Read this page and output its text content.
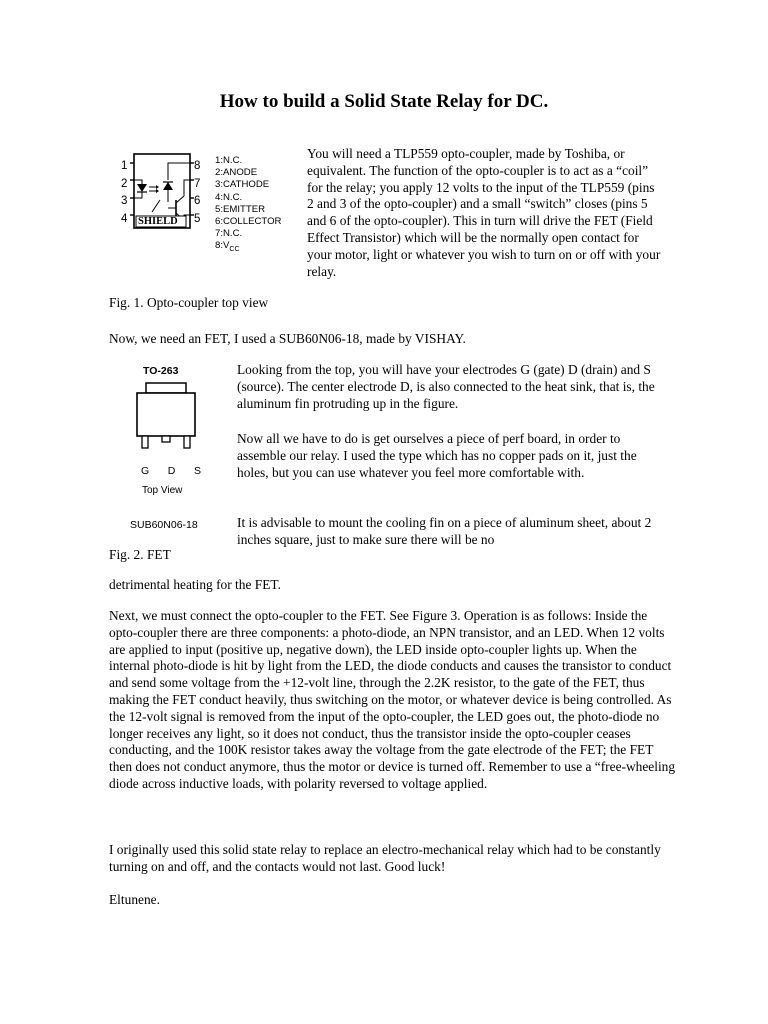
How to build a Solid State Relay for DC.
1
2
3
4
8
7
6
5
SHIELD
1:N.C.
2:ANODE
3:CATHODE
4:N.C.
5:EMITTER
6:COLLECTOR
7:N.C.
$8:V_{CC}$

You will need a TLP559 opto-coupler, made by Toshiba, or equivalent. The function of the opto-coupler is to act as a “coil” for the relay; you apply 12 volts to the input of the TLP559 (pins 2 and 3 of the opto-coupler) and a small “switch” closes (pins 5 and 6 of the opto-coupler). This in turn will drive the FET (Field Effect Transistor) which will be the normally open contact for your motor, light or whatever you wish to turn on or off with your relay.

Fig. 1. Opto-coupler top view
Now, we need an FET, I used a SUB60N06-18, made by VISHAY.
TO-263
G D S
Top View
SUB60N06-18

Looking from the top, you will have your electrodes G (gate) D (drain) and S (source). The center electrode D, is also connected to the heat sink, that is, the aluminum fin protruding up in the figure.

Now all we have to do is get ourselves a piece of perf board, in order to assemble our relay. I used the type which has no copper pads on it, just the holes, but you can use whatever you feel more comfortable with.

It is advisable to mount the cooling fin on a piece of aluminum sheet, about 2 inches square, just to make sure there will be no

Fig. 2. FET
detrimental heating for the FET.

Next, we must connect the opto-coupler to the FET. See Figure 3. Operation is as follows: Inside the opto-coupler there are three components: a photo-diode, an NPN transistor, and an LED. When 12 volts are applied to input (positive up, negative down), the LED inside opto-coupler lights up. When the internal photo-diode is hit by light from the LED, the diode conducts and causes the transistor to conduct and send some voltage from the +12-volt line, through the 2.2K resistor, to the gate of the FET, thus making the FET conduct heavily, thus switching on the motor, or whatever device is being controlled. As the 12-volt signal is removed from the input of the opto-coupler, the LED goes out, the photo-diode no longer receives any light, so it does not conduct, thus the transistor inside the opto-coupler ceases conducting, and the 100K resistor takes away the voltage from the gate electrode of the FET; the FET then does not conduct anymore, thus the motor or device is turned off. Remember to use a “free-wheeling diode across inductive loads, with polarity reversed to voltage applied.

I originally used this solid state relay to replace an electro-mechanical relay which had to be constantly turning on and off, and the contacts would not last. Good luck!

Eltunene.
